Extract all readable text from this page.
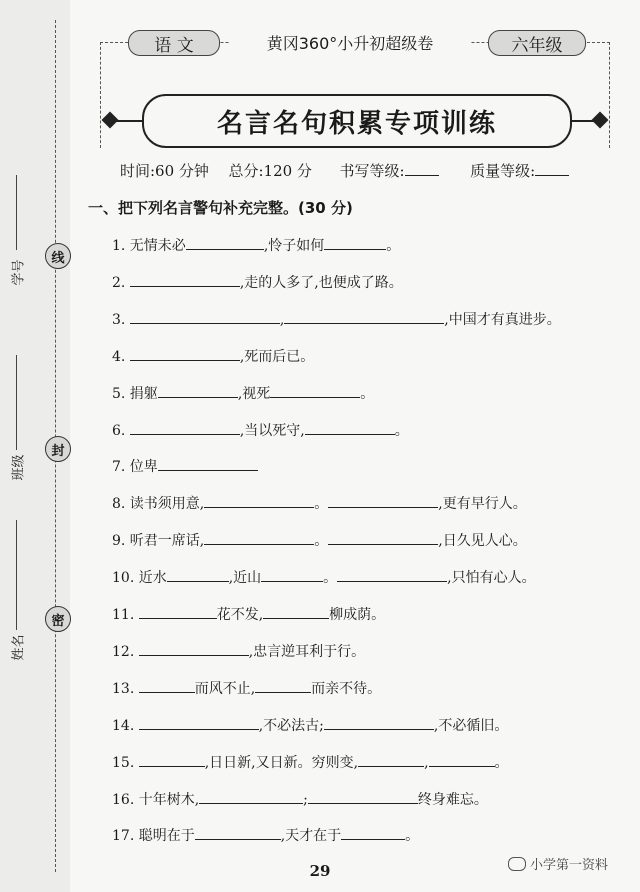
学号
班级
姓名
线
封
密
语 文	黄冈360°小升初超级卷	六年级
名言名句积累专项训练
时间:60 分钟 总分:120 分 书写等级:	质量等级:
一、把下列名言警句补充完整。(30 分)
1. 无情未必	,怜子如何	。
2.	,走的人多了,也便成了路。
3.	,	,中国才有真进步。
4.	,死而后已。
5. 捐躯	,视死	。
6.	,当以死守,	。
7. 位卑
8. 读书须用意,	。	,更有早行人。
9. 听君一席话,	。	,日久见人心。
10. 近水	,近山	。	,只怕有心人。
11.	花不发,	柳成荫。
12.	,忠言逆耳利于行。
13.	而风不止,	而亲不待。
14.	,不必法古;	,不必循旧。
15.	,日日新,又日新。穷则变,	,	。
16. 十年树木,	;	终身难忘。
17. 聪明在于	,天才在于	。
29	小学第一资料
